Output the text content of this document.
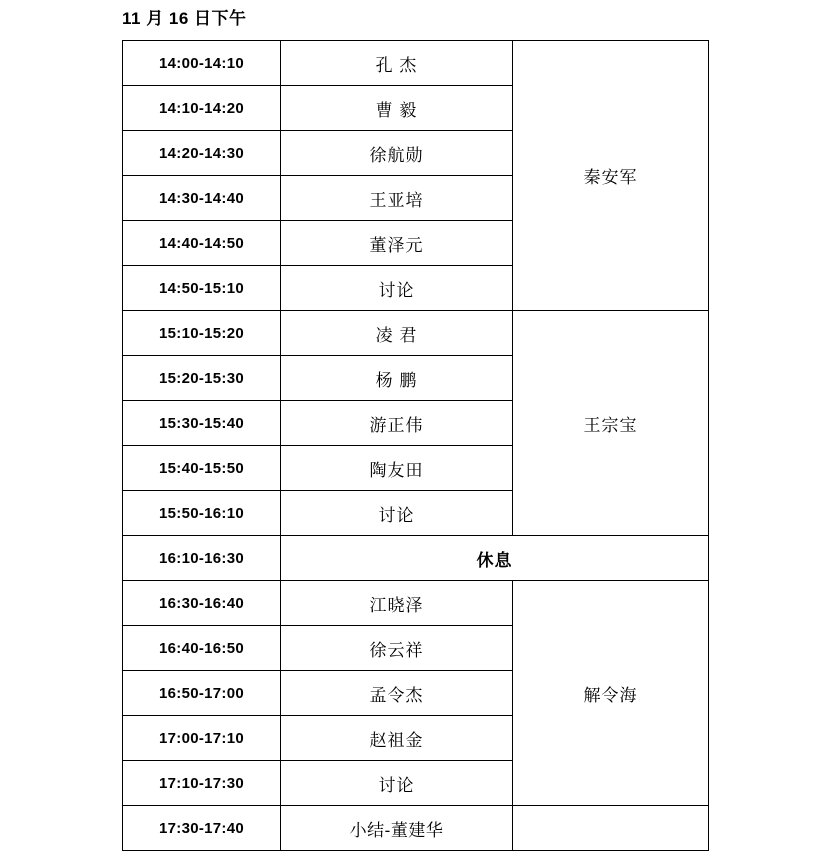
11 月 16 日下午
14:00-14:10	孔 杰	秦安军
14:10-14:20	曹 毅	
14:20-14:30	徐航勋	
14:30-14:40	王亚培	
14:40-14:50	董泽元	
14:50-15:10	讨论	
15:10-15:20	凌 君	王宗宝
15:20-15:30	杨 鹏	
15:30-15:40	游正伟	
15:40-15:50	陶友田	
15:50-16:10	讨论	
16:10-16:30	休息	
16:30-16:40	江晓泽	解令海
16:40-16:50	徐云祥	
16:50-17:00	孟令杰	
17:00-17:10	赵祖金	
17:10-17:30	讨论	
17:30-17:40	小结-董建华	
